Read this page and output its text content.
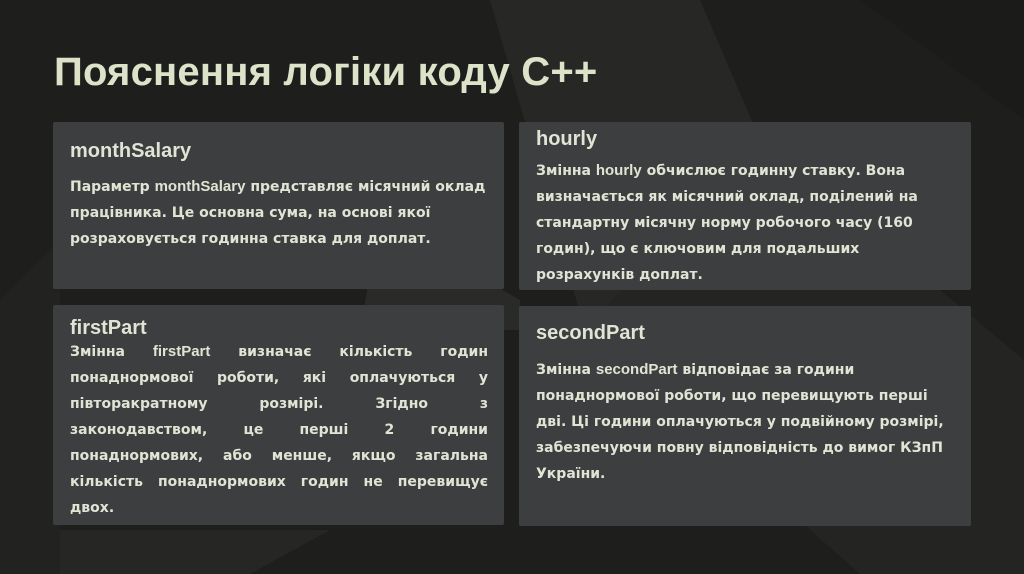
Пояснення логіки коду C++
monthSalary

Параметр monthSalary представляє місячний оклад працівника. Це основна сума, на основі якої розраховується годинна ставка для доплат.

hourly

Змінна hourly обчислює годинну ставку. Вона визначається як місячний оклад, поділений на стандартну місячну норму робочого часу (160 годин), що є ключовим для подальших розрахунків доплат.

firstPart

Змінна firstPart визначає кількість годин понаднормової роботи, які оплачуються у півторакратному розмірі. Згідно з законодавством, це перші 2 години понаднормових, або менше, якщо загальна кількість понаднормових годин не перевищує двох.

secondPart

Змінна secondPart відповідає за години понаднормової роботи, що перевищують перші дві. Ці години оплачуються у подвійному розмірі, забезпечуючи повну відповідність до вимог КЗпП України.
